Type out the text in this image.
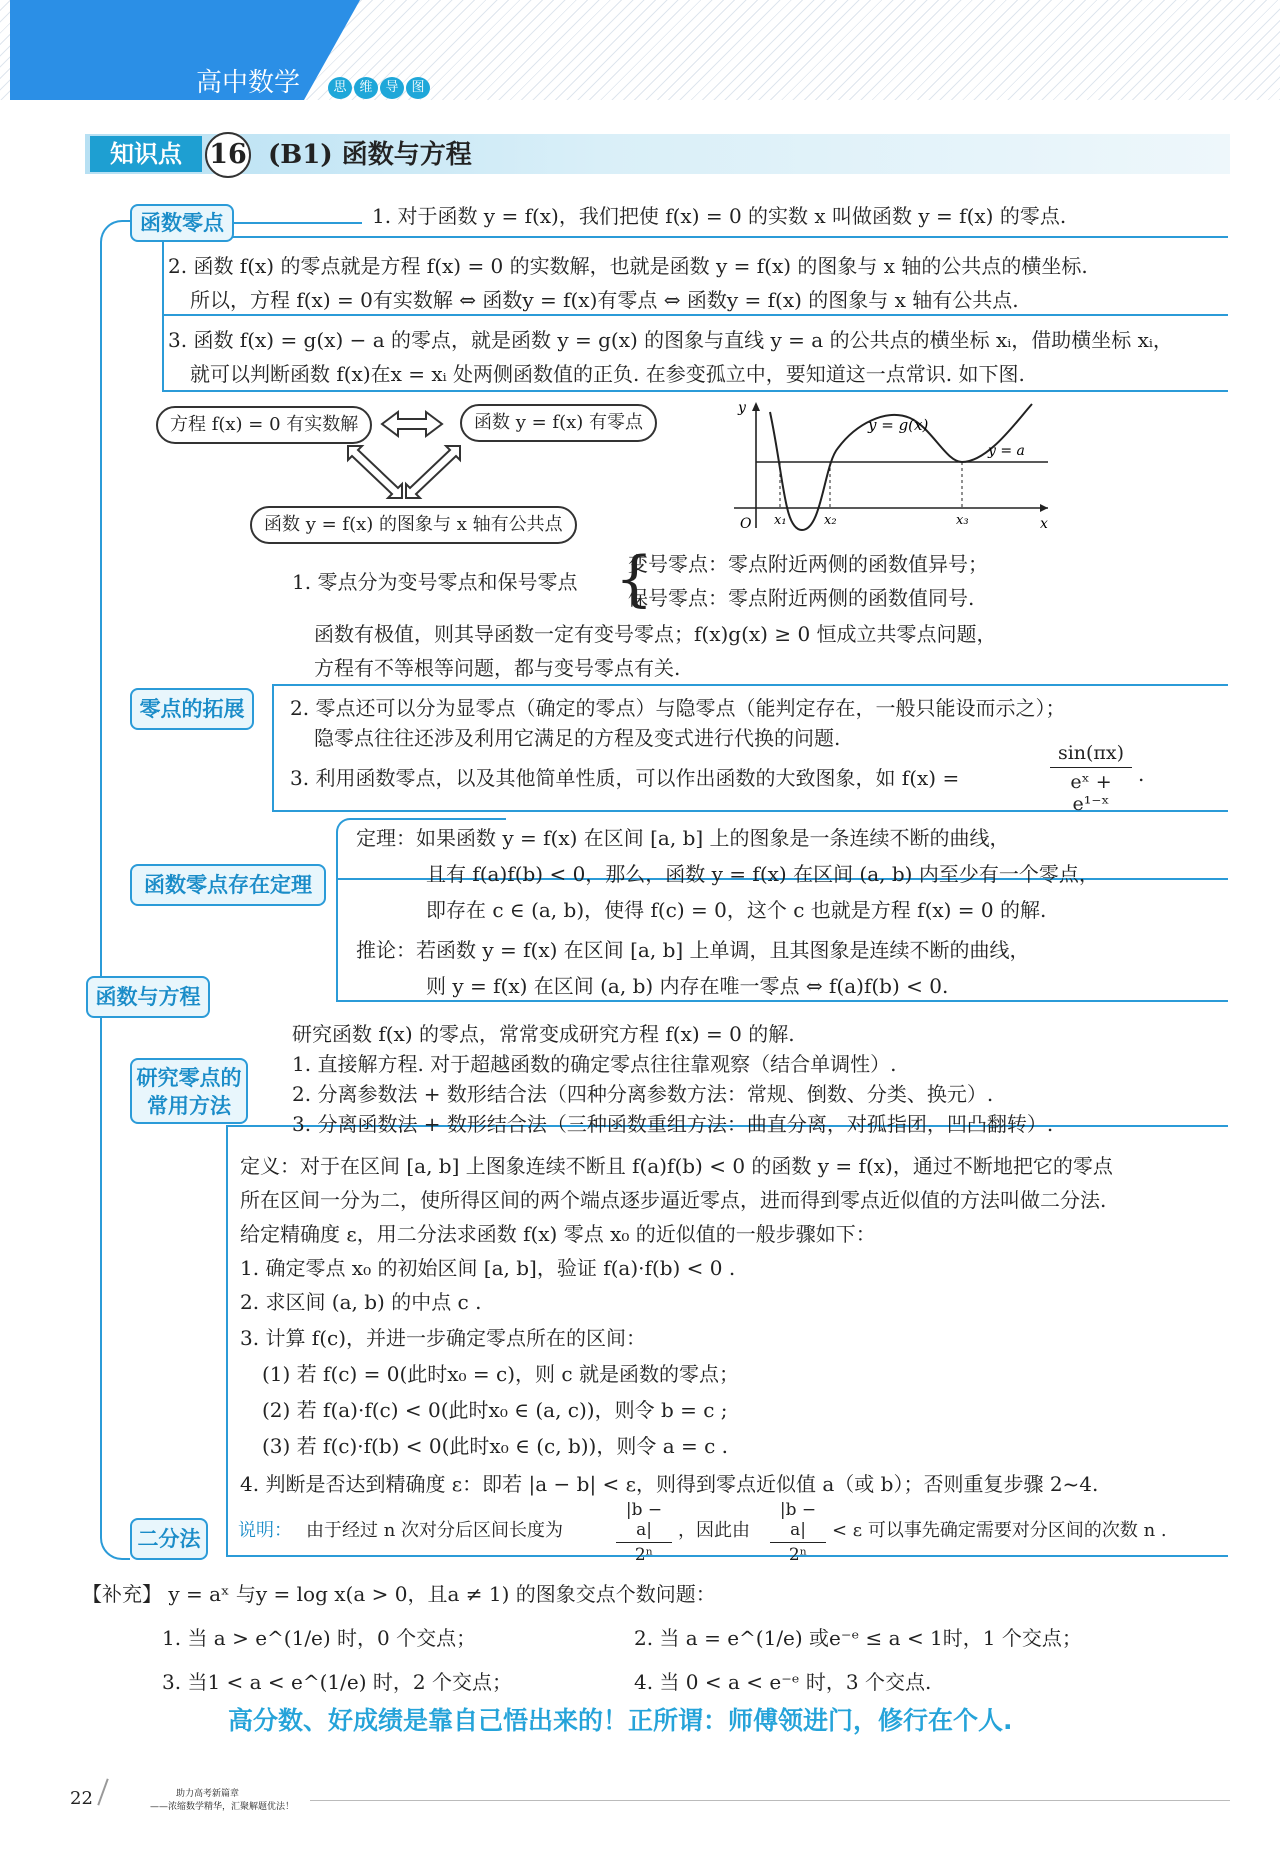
高中数学	思 维 导 图
知识点	16 (B1) 函数与方程
函数与方程
函数零点	1. 对于函数 y = f(x)，我们把使 f(x) = 0 的实数 x 叫做函数 y = f(x) 的零点.
2. 函数 f(x) 的零点就是方程 f(x) = 0 的实数解，也就是函数 y = f(x) 的图象与 x 轴的公共点的横坐标.
所以，方程 f(x) = 0有实数解 ⇔ 函数y = f(x)有零点 ⇔ 函数y = f(x) 的图象与 x 轴有公共点.
3. 函数 f(x) = g(x) − a 的零点，就是函数 y = g(x) 的图象与直线 y = a 的公共点的横坐标 xᵢ，借助横坐标 xᵢ，
就可以判断函数 f(x)在x = xᵢ 处两侧函数值的正负. 在参变孤立中，要知道这一点常识. 如下图.
方程 f(x) = 0 有实数解	函数 y = f(x) 有零点
函数 y = f(x) 的图象与 x 轴有公共点
y = g(x)
y = a
y
x
O x₁	x₂	x₃
1. 零点分为变号零点和保号零点 {
变号零点：零点附近两侧的函数值异号；
保号零点：零点附近两侧的函数值同号.
函数有极值，则其导函数一定有变号零点；f(x)g(x) ≥ 0 恒成立共零点问题，
方程有不等根等问题，都与变号零点有关.
零点的拓展	2. 零点还可以分为显零点（确定的零点）与隐零点（能判定存在，一般只能设而示之）；
隐零点往往还涉及利用它满足的方程及变式进行代换的问题.
3. 利用函数零点，以及其他简单性质，可以作出函数的大致图象，如 f(x) =	$\frac{\sin(\pi x)}{\text{eˣ + e¹⁻ˣ}}$ .
定理：如果函数 y = f(x) 在区间 [a, b] 上的图象是一条连续不断的曲线，
且有 f(a)f(b) < 0，那么，函数 y = f(x) 在区间 (a, b) 内至少有一个零点，
即存在 c ∈ (a, b)，使得 f(c) = 0，这个 c 也就是方程 f(x) = 0 的解.
函数零点存在定理
推论：若函数 y = f(x) 在区间 [a, b] 上单调，且其图象是连续不断的曲线，
则 y = f(x) 在区间 (a, b) 内存在唯一零点 ⇔ f(a)f(b) < 0.
研究函数 f(x) 的零点，常常变成研究方程 f(x) = 0 的解.
研究零点的
常用方法
1. 直接解方程. 对于超越函数的确定零点往往靠观察（结合单调性）.
2. 分离参数法 + 数形结合法（四种分离参数方法：常规、倒数、分类、换元）.
3. 分离函数法 + 数形结合法（三种函数重组方法：曲直分离，对孤指团，凹凸翻转）.
定义：对于在区间 [a, b] 上图象连续不断且 f(a)f(b) < 0 的函数 y = f(x)，通过不断地把它的零点
所在区间一分为二，使所得区间的两个端点逐步逼近零点，进而得到零点近似值的方法叫做二分法.
给定精确度 ε，用二分法求函数 f(x) 零点 x₀ 的近似值的一般步骤如下：
1. 确定零点 x₀ 的初始区间 [a, b]，验证 f(a)·f(b) < 0 .
2. 求区间 (a, b) 的中点 c .
3. 计算 f(c)，并进一步确定零点所在的区间：
(1) 若 f(c) = 0(此时x₀ = c)，则 c 就是函数的零点；
(2) 若 f(a)·f(c) < 0(此时x₀ ∈ (a, c))，则令 b = c ;
(3) 若 f(c)·f(b) < 0(此时x₀ ∈ (c, b))，则令 a = c .
4. 判断是否达到精确度 ε：即若 |a − b| < ε，则得到零点近似值 a（或 b）；否则重复步骤 2~4.
二分法	说明： 由于经过 n 次对分后区间长度为	$\frac{|b - a|}{\text{2ⁿ}}$ ，因此由 $\frac{|b - a|}{\text{2ⁿ}} < \varepsilon$ 可以事先确定需要对分区间的次数 n .
【补充】 y = aˣ 与y = log x(a > 0，且a ≠ 1) 的图象交点个数问题：
1. 当 a > e^(1/e) 时，0 个交点；	2. 当 a = e^(1/e) 或e⁻ᵉ ≤ a < 1时，1 个交点；
3. 当1 < a < e^(1/e) 时，2 个交点；	4. 当 0 < a < e⁻ᵉ 时，3 个交点.
高分数、好成绩是靠自己悟出来的！正所谓：师傅领进门，修行在个人.
22	助力高考新篇章
——浓缩数学精华，汇聚解题优法！
